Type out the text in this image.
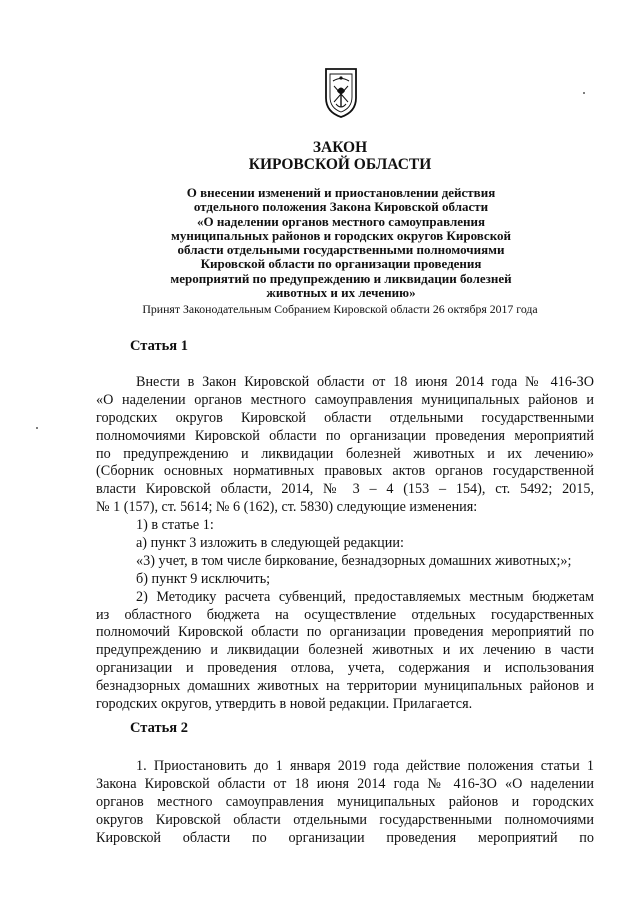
ЗАКОН
КИРОВСКОЙ ОБЛАСТИ
О внесении изменений и приостановлении действия
отдельного положения Закона Кировской области
«О наделении органов местного самоуправления
муниципальных районов и городских округов Кировской
области отдельными государственными полномочиями
Кировской области по организации проведения
мероприятий по предупреждению и ликвидации болезней
животных и их лечению»
Принят Законодательным Собранием Кировской области 26 октября 2017 года
Статья 1
Внести в Закон Кировской области от 18 июня 2014 года № 416-ЗО
«О наделении органов местного самоуправления муниципальных районов и
городских округов Кировской области отдельными государственными
полномочиями Кировской области по организации проведения мероприятий
по предупреждению и ликвидации болезней животных и их лечению»
(Сборник основных нормативных правовых актов органов государственной
власти Кировской области, 2014, № 3 – 4 (153 – 154), ст. 5492; 2015,
№ 1 (157), ст. 5614; № 6 (162), ст. 5830) следующие изменения:
1) в статье 1:
а) пункт 3 изложить в следующей редакции:
«3) учет, в том числе биркование, безнадзорных домашних животных;»;
б) пункт 9 исключить;
2) Методику расчета субвенций, предоставляемых местным бюджетам
из областного бюджета на осуществление отдельных государственных
полномочий Кировской области по организации проведения мероприятий по
предупреждению и ликвидации болезней животных и их лечению в части
организации и проведения отлова, учета, содержания и использования
безнадзорных домашних животных на территории муниципальных районов и
городских округов, утвердить в новой редакции. Прилагается.
Статья 2
1. Приостановить до 1 января 2019 года действие положения статьи 1
Закона Кировской области от 18 июня 2014 года № 416-ЗО «О наделении
органов местного самоуправления муниципальных районов и городских
округов Кировской области отдельными государственными полномочиями
Кировской области по организации проведения мероприятий по
